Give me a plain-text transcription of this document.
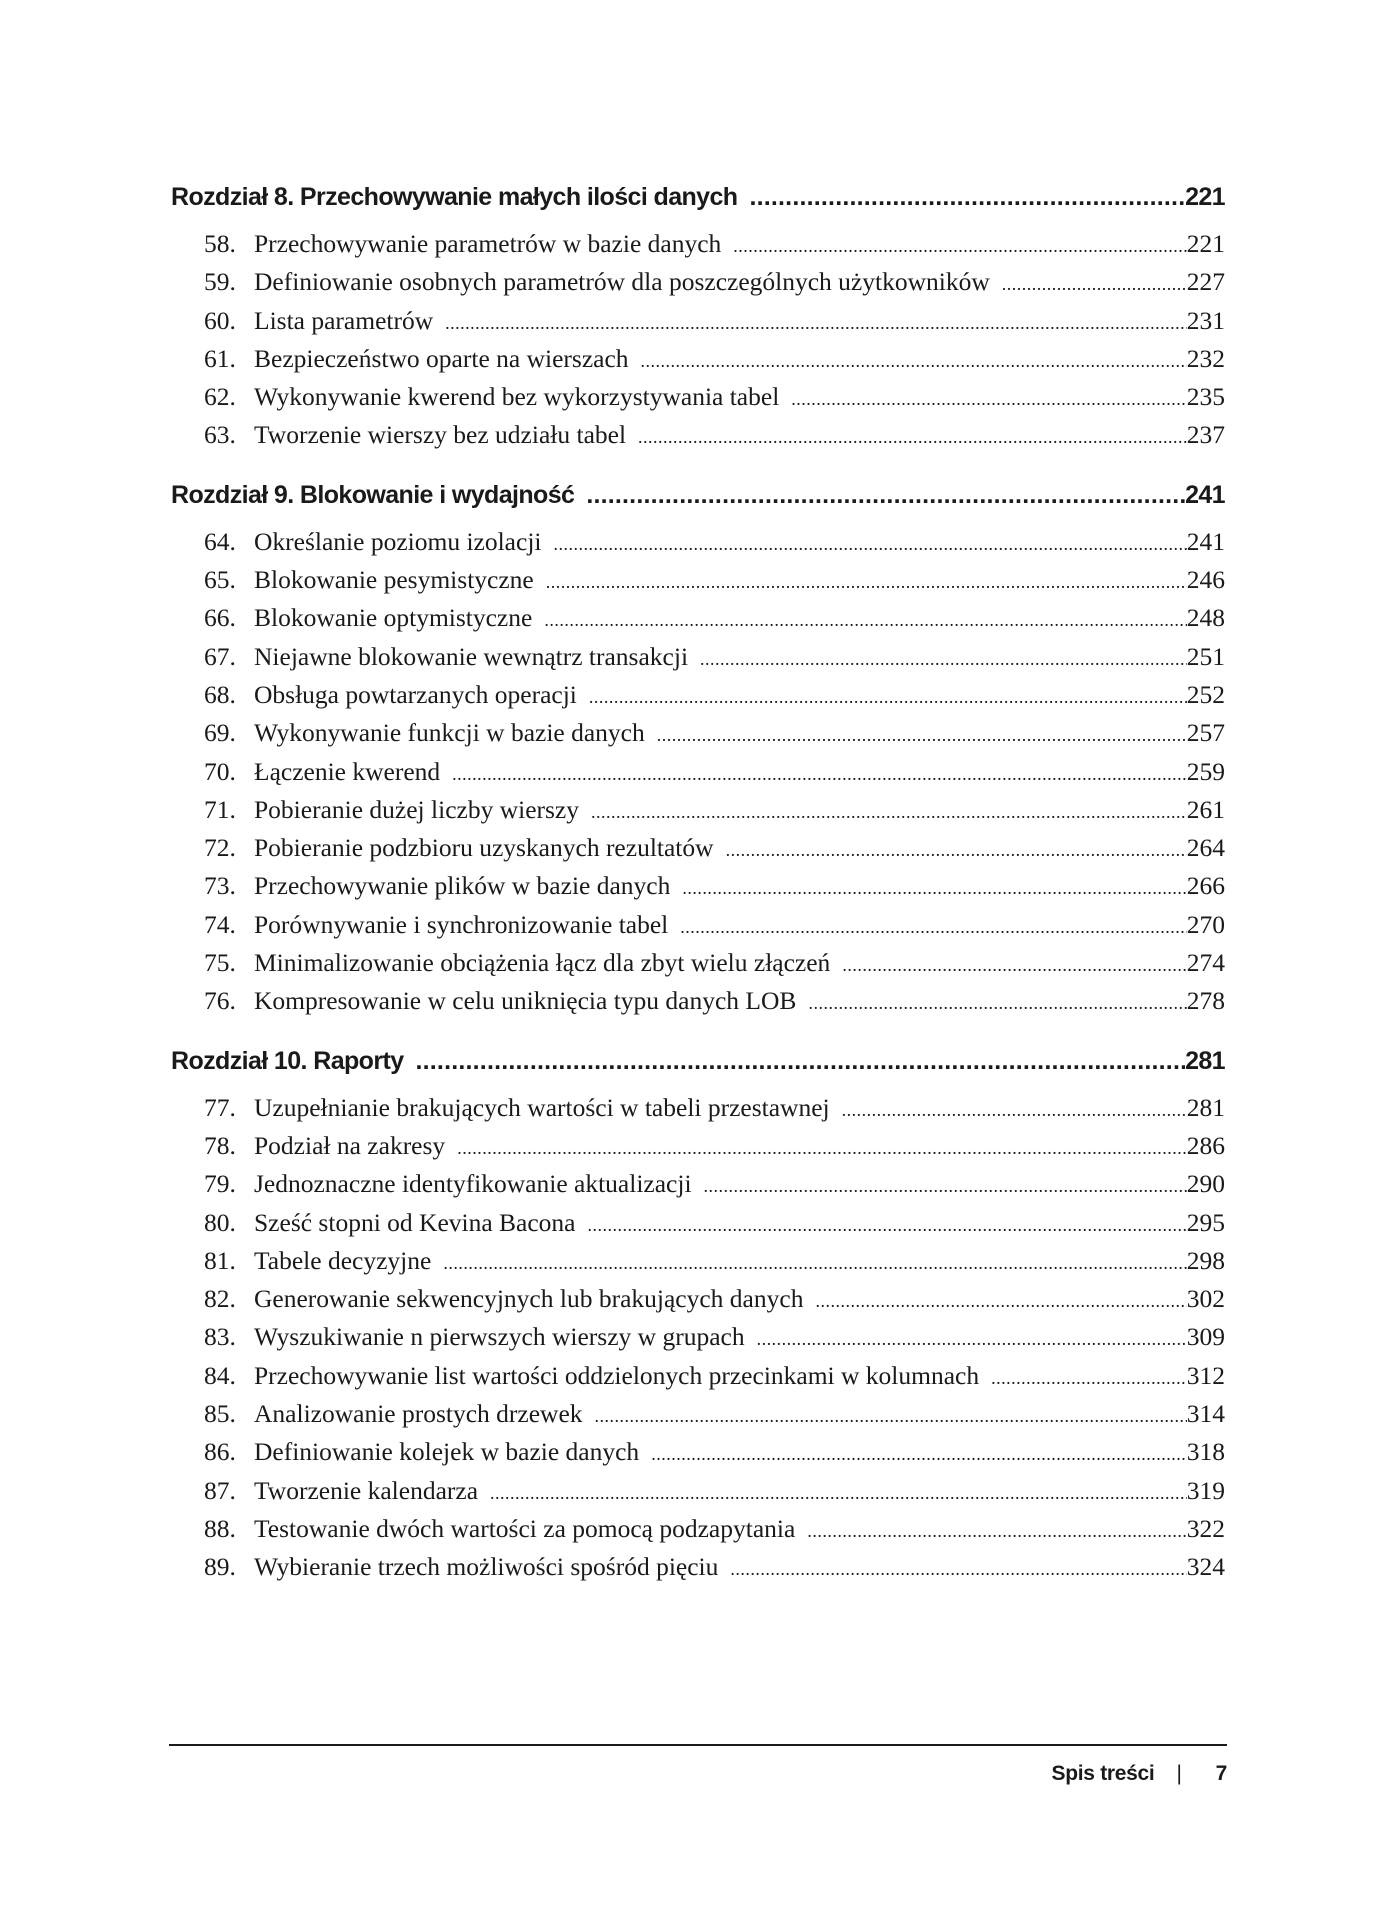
Rozdział 8. Przechowywanie małych ilości danych .....	221
58. Przechowywanie parametrów w bazie danych .....	221
59. Definiowanie osobnych parametrów dla poszczególnych użytkowników .....	227
60. Lista parametrów .....	231
61. Bezpieczeństwo oparte na wierszach .....	232
62. Wykonywanie kwerend bez wykorzystywania tabel .....	235
63. Tworzenie wierszy bez udziału tabel .....	237
Rozdział 9. Blokowanie i wydajność .....	241
64. Określanie poziomu izolacji .....	241
65. Blokowanie pesymistyczne .....	246
66. Blokowanie optymistyczne .....	248
67. Niejawne blokowanie wewnątrz transakcji .....	251
68. Obsługa powtarzanych operacji .....	252
69. Wykonywanie funkcji w bazie danych .....	257
70. Łączenie kwerend .....	259
71. Pobieranie dużej liczby wierszy .....	261
72. Pobieranie podzbioru uzyskanych rezultatów .....	264
73. Przechowywanie plików w bazie danych .....	266
74. Porównywanie i synchronizowanie tabel .....	270
75. Minimalizowanie obciążenia łącz dla zbyt wielu złączeń .....	274
76. Kompresowanie w celu uniknięcia typu danych LOB .....	278
Rozdział 10. Raporty .....	281
77. Uzupełnianie brakujących wartości w tabeli przestawnej .....	281
78. Podział na zakresy .....	286
79. Jednoznaczne identyfikowanie aktualizacji .....	290
80. Sześć stopni od Kevina Bacona .....	295
81. Tabele decyzyjne .....	298
82. Generowanie sekwencyjnych lub brakujących danych .....	302
83. Wyszukiwanie n pierwszych wierszy w grupach .....	309
84. Przechowywanie list wartości oddzielonych przecinkami w kolumnach .....	312
85. Analizowanie prostych drzewek .....	314
86. Definiowanie kolejek w bazie danych .....	318
87. Tworzenie kalendarza .....	319
88. Testowanie dwóch wartości za pomocą podzapytania .....	322
89. Wybieranie trzech możliwości spośród pięciu .....	324
Spis treści | 7
